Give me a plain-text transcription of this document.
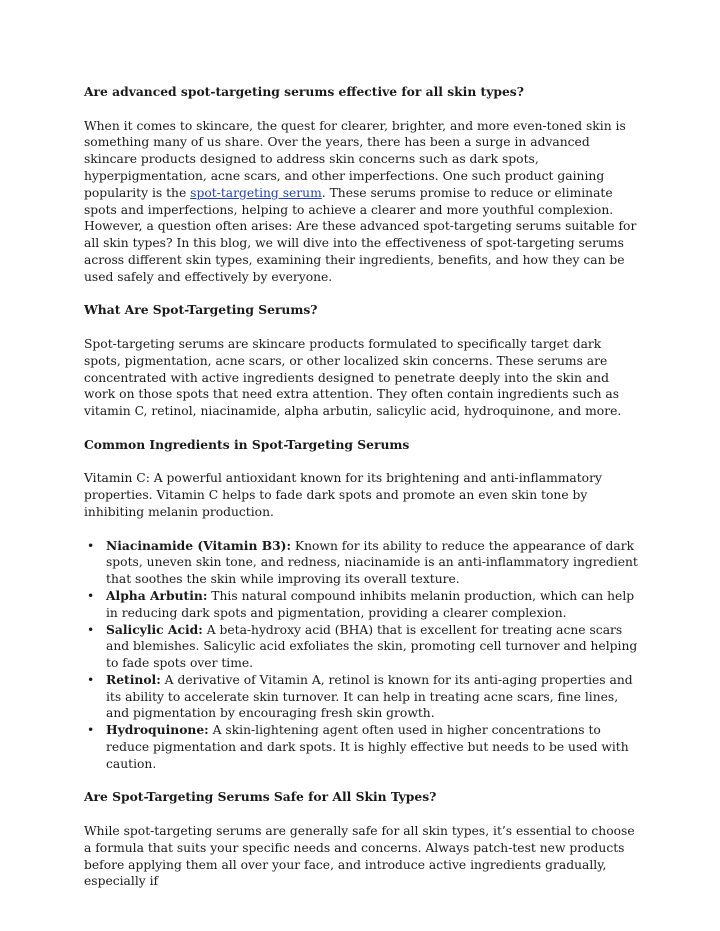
Are advanced spot-targeting serums effective for all skin types?

When it comes to skincare, the quest for clearer, brighter, and more even-toned skin is something many of us share. Over the years, there has been a surge in advanced skincare products designed to address skin concerns such as dark spots, hyperpigmentation, acne scars, and other imperfections. One such product gaining popularity is the spot-targeting serum. These serums promise to reduce or eliminate spots and imperfections, helping to achieve a clearer and more youthful complexion. However, a question often arises: Are these advanced spot-targeting serums suitable for all skin types? In this blog, we will dive into the effectiveness of spot-targeting serums across different skin types, examining their ingredients, benefits, and how they can be used safely and effectively by everyone.

What Are Spot-Targeting Serums?

Spot-targeting serums are skincare products formulated to specifically target dark spots, pigmentation, acne scars, or other localized skin concerns. These serums are concentrated with active ingredients designed to penetrate deeply into the skin and work on those spots that need extra attention. They often contain ingredients such as vitamin C, retinol, niacinamide, alpha arbutin, salicylic acid, hydroquinone, and more.

Common Ingredients in Spot-Targeting Serums

Vitamin C: A powerful antioxidant known for its brightening and anti-inflammatory properties. Vitamin C helps to fade dark spots and promote an even skin tone by inhibiting melanin production.

• Niacinamide (Vitamin B3): Known for its ability to reduce the appearance of dark spots, uneven skin tone, and redness, niacinamide is an anti-inflammatory ingredient that soothes the skin while improving its overall texture.
• Alpha Arbutin: This natural compound inhibits melanin production, which can help in reducing dark spots and pigmentation, providing a clearer complexion.
• Salicylic Acid: A beta-hydroxy acid (BHA) that is excellent for treating acne scars and blemishes. Salicylic acid exfoliates the skin, promoting cell turnover and helping to fade spots over time.
• Retinol: A derivative of Vitamin A, retinol is known for its anti-aging properties and its ability to accelerate skin turnover. It can help in treating acne scars, fine lines, and pigmentation by encouraging fresh skin growth.
• Hydroquinone: A skin-lightening agent often used in higher concentrations to reduce pigmentation and dark spots. It is highly effective but needs to be used with caution.

Are Spot-Targeting Serums Safe for All Skin Types?

While spot-targeting serums are generally safe for all skin types, it’s essential to choose a formula that suits your specific needs and concerns. Always patch-test new products before applying them all over your face, and introduce active ingredients gradually, especially if
